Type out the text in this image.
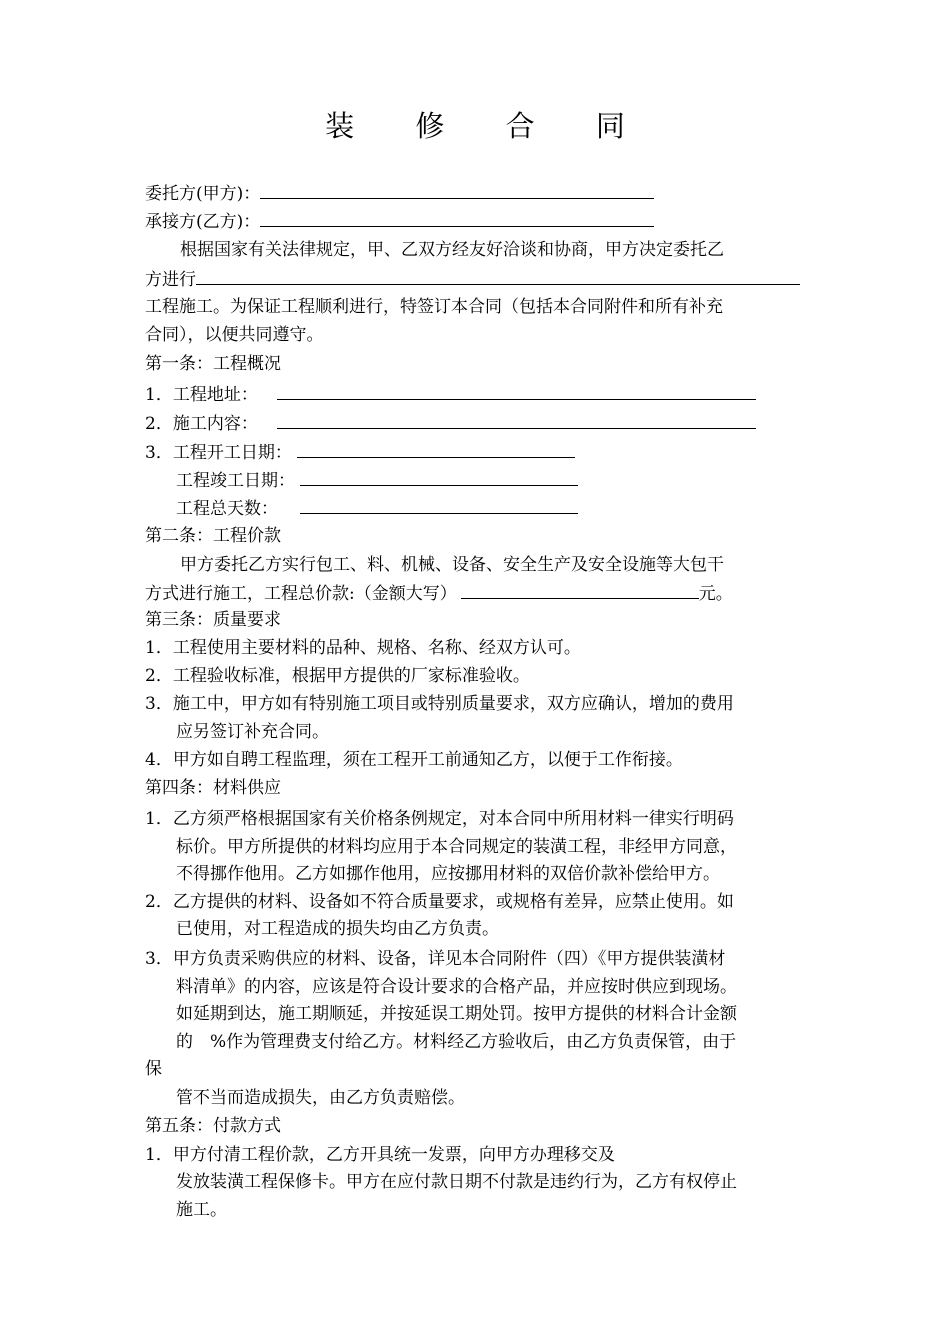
装 修 合 同
委托方(甲方)：
承接方(乙方)：
根据国家有关法律规定，甲、乙双方经友好洽谈和协商，甲方决定委托乙
方进行
工程施工。为保证工程顺利进行，特签订本合同（包括本合同附件和所有补充
合同），以便共同遵守。
第一条：工程概况
1．工程地址：
2．施工内容：
3．工程开工日期：
工程竣工日期：
工程总天数：
第二条：工程价款
甲方委托乙方实行包工、料、机械、设备、安全生产及安全设施等大包干
方式进行施工，工程总价款:（金额大写）	元。
第三条：质量要求
1．工程使用主要材料的品种、规格、名称、经双方认可。
2．工程验收标准，根据甲方提供的厂家标准验收。
3．施工中，甲方如有特别施工项目或特别质量要求，双方应确认，增加的费用
应另签订补充合同。
4．甲方如自聘工程监理，须在工程开工前通知乙方，以便于工作衔接。
第四条：材料供应
1．乙方须严格根据国家有关价格条例规定，对本合同中所用材料一律实行明码
标价。甲方所提供的材料均应用于本合同规定的装潢工程，非经甲方同意，
不得挪作他用。乙方如挪作他用，应按挪用材料的双倍价款补偿给甲方。
2．乙方提供的材料、设备如不符合质量要求，或规格有差异，应禁止使用。如
已使用，对工程造成的损失均由乙方负责。
3．甲方负责采购供应的材料、设备，详见本合同附件（四）《甲方提供装潢材
料清单》的内容，应该是符合设计要求的合格产品，并应按时供应到现场。
如延期到达，施工期顺延，并按延误工期处罚。按甲方提供的材料合计金额
的　%作为管理费支付给乙方。材料经乙方验收后，由乙方负责保管，由于
保
管不当而造成损失，由乙方负责赔偿。
第五条：付款方式
1．甲方付清工程价款，乙方开具统一发票，向甲方办理移交及
发放装潢工程保修卡。甲方在应付款日期不付款是违约行为，乙方有权停止
施工。
